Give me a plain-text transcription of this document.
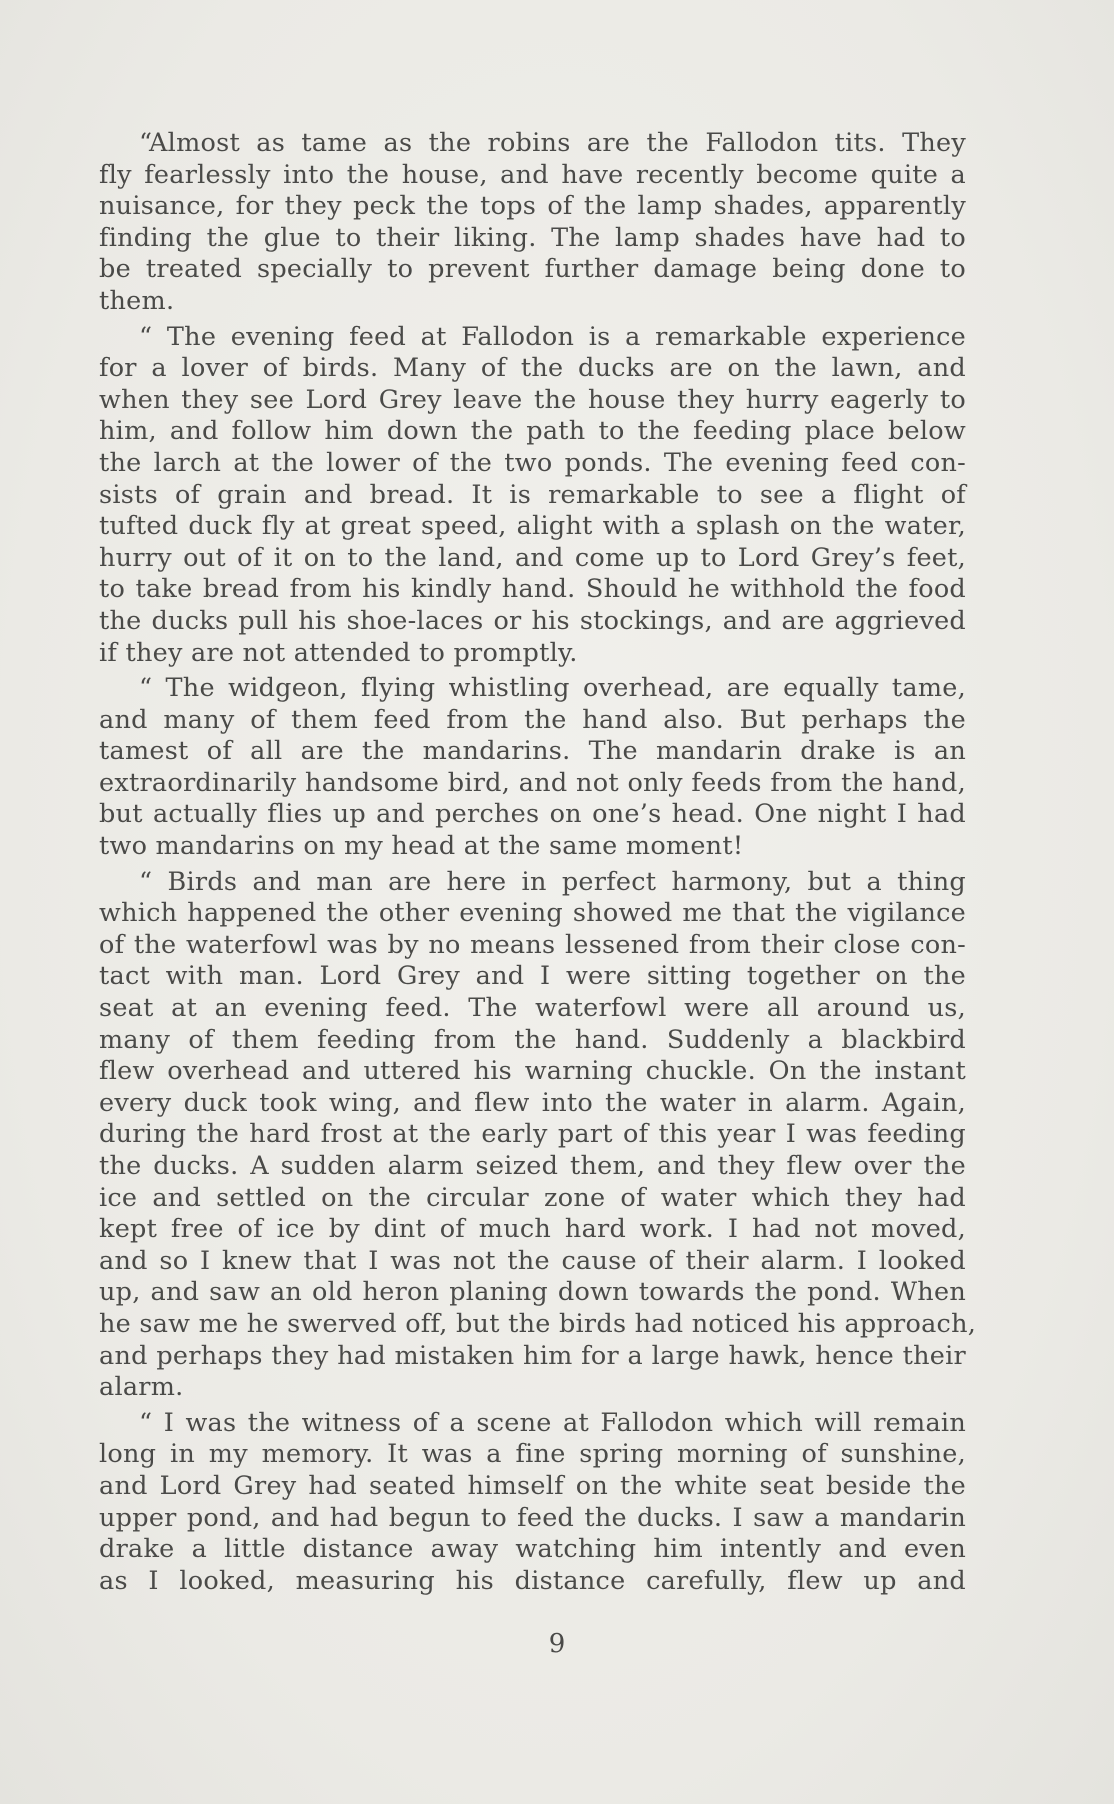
“Almost as tame as the robins are the Fallodon tits. They
fly fearlessly into the house, and have recently become quite a
nuisance, for they peck the tops of the lamp shades, apparently
finding the glue to their liking. The lamp shades have had to
be treated specially to prevent further damage being done to
them.
“ The evening feed at Fallodon is a remarkable experience
for a lover of birds. Many of the ducks are on the lawn, and
when they see Lord Grey leave the house they hurry eagerly to
him, and follow him down the path to the feeding place below
the larch at the lower of the two ponds. The evening feed con-
sists of grain and bread. It is remarkable to see a flight of
tufted duck fly at great speed, alight with a splash on the water,
hurry out of it on to the land, and come up to Lord Grey’s feet,
to take bread from his kindly hand. Should he withhold the food
the ducks pull his shoe-laces or his stockings, and are aggrieved
if they are not attended to promptly.
“ The widgeon, flying whistling overhead, are equally tame,
and many of them feed from the hand also. But perhaps the
tamest of all are the mandarins. The mandarin drake is an
extraordinarily handsome bird, and not only feeds from the hand,
but actually flies up and perches on one’s head. One night I had
two mandarins on my head at the same moment!
“ Birds and man are here in perfect harmony, but a thing
which happened the other evening showed me that the vigilance
of the waterfowl was by no means lessened from their close con-
tact with man. Lord Grey and I were sitting together on the
seat at an evening feed. The waterfowl were all around us,
many of them feeding from the hand. Suddenly a blackbird
flew overhead and uttered his warning chuckle. On the instant
every duck took wing, and flew into the water in alarm. Again,
during the hard frost at the early part of this year I was feeding
the ducks. A sudden alarm seized them, and they flew over the
ice and settled on the circular zone of water which they had
kept free of ice by dint of much hard work. I had not moved,
and so I knew that I was not the cause of their alarm. I looked
up, and saw an old heron planing down towards the pond. When
he saw me he swerved off, but the birds had noticed his approach,
and perhaps they had mistaken him for a large hawk, hence their
alarm.
“ I was the witness of a scene at Fallodon which will remain
long in my memory. It was a fine spring morning of sunshine,
and Lord Grey had seated himself on the white seat beside the
upper pond, and had begun to feed the ducks. I saw a mandarin
drake a little distance away watching him intently and even
as I looked, measuring his distance carefully, flew up and
9
